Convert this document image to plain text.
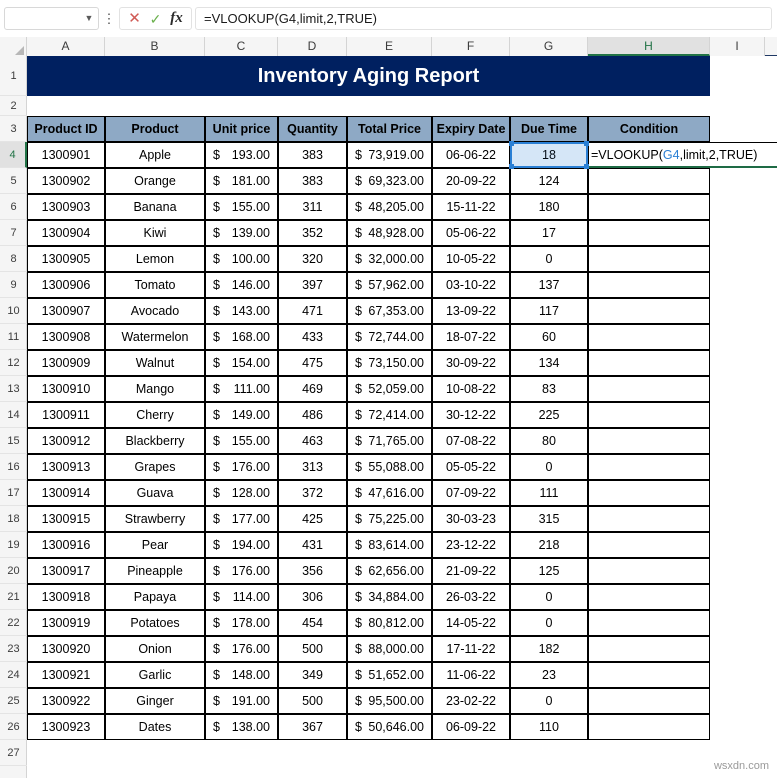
▼ ⋮ ✕ ✓ fx	=VLOOKUP(G4,limit,2,TRUE)
A	B	C	D	E	F	G	H	I
1
2
3
4
5
6
7
8
9
10
11
12
13
14
15
16
17
18
19
20
21
22
23
24
25
26
27
Inventory Aging Report
Product ID	Product	Unit price	Quantity	Total Price	Expiry Date	Due Time	Condition
1300901	Apple	$ 193.00	383	$ 73,919.00	06-06-22	18
1300902	Orange	$ 181.00	383	$ 69,323.00	20-09-22	124
1300903	Banana	$ 155.00	311	$ 48,205.00	15-11-22	180
1300904	Kiwi	$ 139.00	352	$ 48,928.00	05-06-22	17
1300905	Lemon	$ 100.00	320	$ 32,000.00	10-05-22	0
1300906	Tomato	$ 146.00	397	$ 57,962.00	03-10-22	137
1300907	Avocado	$ 143.00	471	$ 67,353.00	13-09-22	117
1300908	Watermelon	$ 168.00	433	$ 72,744.00	18-07-22	60
1300909	Walnut	$ 154.00	475	$ 73,150.00	30-09-22	134
1300910	Mango	$ 111.00	469	$ 52,059.00	10-08-22	83
1300911	Cherry	$ 149.00	486	$ 72,414.00	30-12-22	225
1300912	Blackberry	$ 155.00	463	$ 71,765.00	07-08-22	80
1300913	Grapes	$ 176.00	313	$ 55,088.00	05-05-22	0
1300914	Guava	$ 128.00	372	$ 47,616.00	07-09-22	111
1300915	Strawberry	$ 177.00	425	$ 75,225.00	30-03-23	315
1300916	Pear	$ 194.00	431	$ 83,614.00	23-12-22	218
1300917	Pineapple	$ 176.00	356	$ 62,656.00	21-09-22	125
1300918	Papaya	$ 114.00	306	$ 34,884.00	26-03-22	0
1300919	Potatoes	$ 178.00	454	$ 80,812.00	14-05-22	0
1300920	Onion	$ 176.00	500	$ 88,000.00	17-11-22	182
1300921	Garlic	$ 148.00	349	$ 51,652.00	11-06-22	23
1300922	Ginger	$ 191.00	500	$ 95,500.00	23-02-22	0
1300923	Dates	$ 138.00	367	$ 50,646.00	06-09-22	110
=VLOOKUP( G4 ,limit,2,TRUE)
wsxdn.com
